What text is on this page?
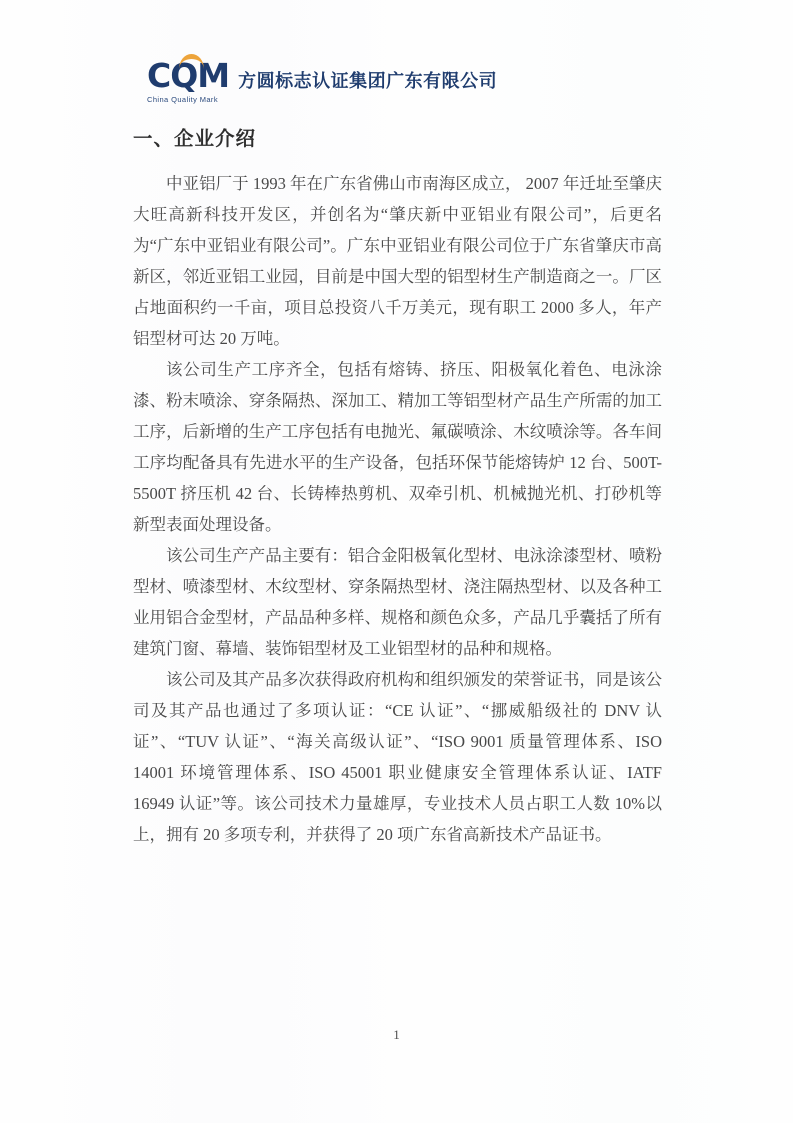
CQM
China Quality Mark
方圆标志认证集团广东有限公司
一、企业介绍

中亚铝厂于 1993 年在广东省佛山市南海区成立， 2007 年迁址至肇庆大旺高新科技开发区，并创名为“肇庆新中亚铝业有限公司”，后更名为“广东中亚铝业有限公司”。广东中亚铝业有限公司位于广东省肇庆市高新区，邻近亚铝工业园，目前是中国大型的铝型材生产制造商之一。厂区占地面积约一千亩，项目总投资八千万美元，现有职工 2000 多人，年产铝型材可达 20 万吨。

该公司生产工序齐全，包括有熔铸、挤压、阳极氧化着色、电泳涂漆、粉末喷涂、穿条隔热、深加工、精加工等铝型材产品生产所需的加工工序，后新增的生产工序包括有电抛光、氟碳喷涂、木纹喷涂等。各车间工序均配备具有先进水平的生产设备，包括环保节能熔铸炉 12 台、500T-5500T 挤压机 42 台、长铸棒热剪机、双牵引机、机械抛光机、打砂机等新型表面处理设备。

该公司生产产品主要有：铝合金阳极氧化型材、电泳涂漆型材、喷粉型材、喷漆型材、木纹型材、穿条隔热型材、浇注隔热型材、以及各种工业用铝合金型材，产品品种多样、规格和颜色众多，产品几乎囊括了所有建筑门窗、幕墙、装饰铝型材及工业铝型材的品种和规格。

该公司及其产品多次获得政府机构和组织颁发的荣誉证书，同是该公司及其产品也通过了多项认证：“CE 认证”、“挪威船级社的 DNV 认证”、“TUV 认证”、“海关高级认证”、“ISO 9001 质量管理体系、ISO 14001 环境管理体系、ISO 45001 职业健康安全管理体系认证、IATF 16949 认证”等。该公司技术力量雄厚，专业技术人员占职工人数 10%以上，拥有 20 多项专利，并获得了 20 项广东省高新技术产品证书。

1
